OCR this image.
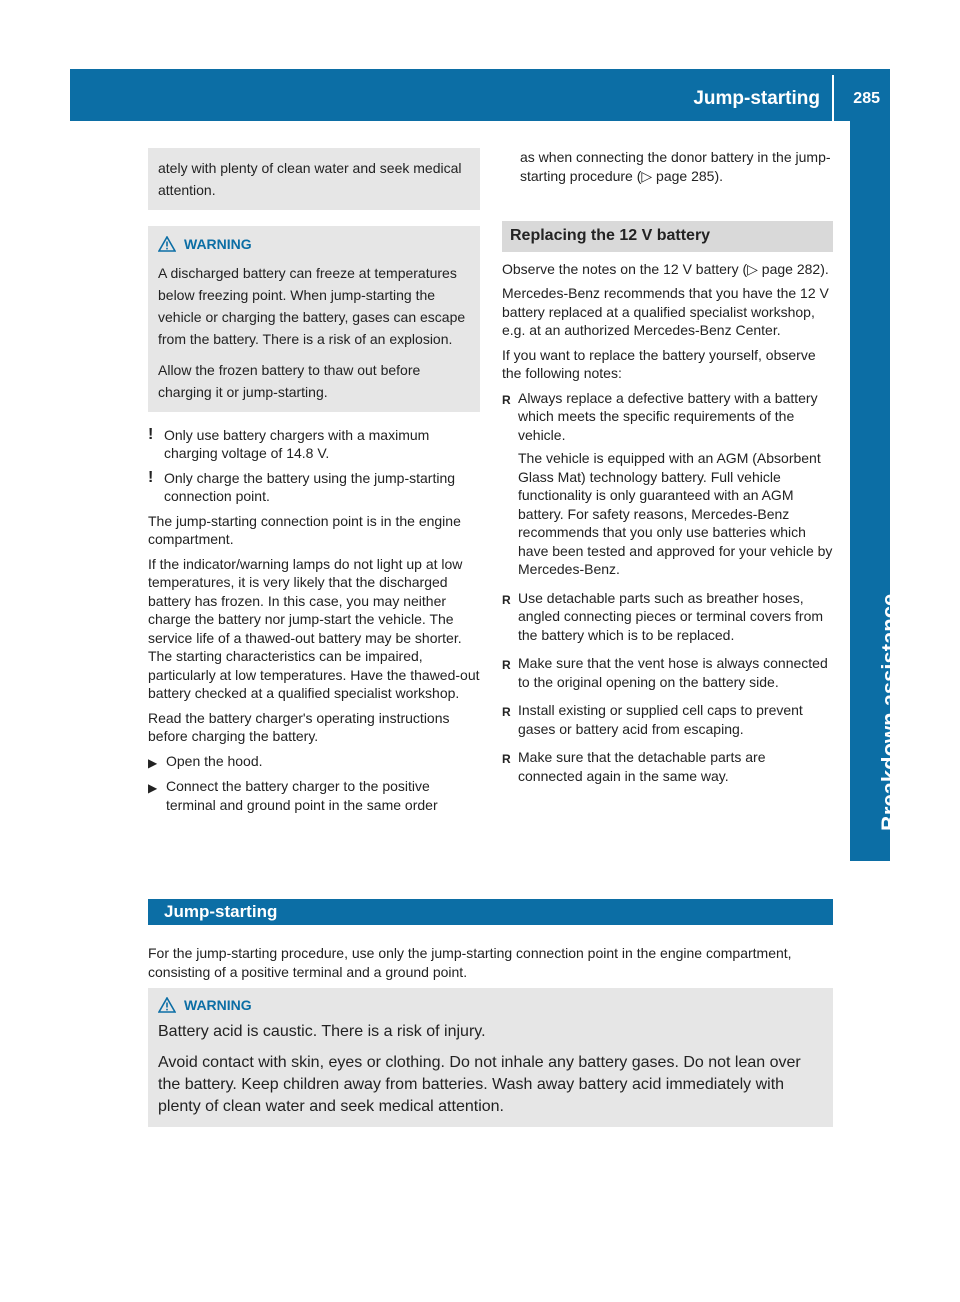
Jump-starting 285
Breakdown assistance

ately with plenty of clean water and seek medical attention.

WARNING

A discharged battery can freeze at temperatures below freezing point. When jump-starting the vehicle or charging the battery, gases can escape from the battery. There is a risk of an explosion.

Allow the frozen battery to thaw out before charging it or jump-starting.

! Only use battery chargers with a maximum charging voltage of 14.8 V.
! Only charge the battery using the jump-starting connection point.

The jump-starting connection point is in the engine compartment.

If the indicator/warning lamps do not light up at low temperatures, it is very likely that the discharged battery has frozen. In this case, you may neither charge the battery nor jump-start the vehicle. The service life of a thawed-out battery may be shorter. The starting characteristics can be impaired, particularly at low temperatures. Have the thawed-out battery checked at a qualified specialist workshop.

Read the battery charger's operating instructions before charging the battery.

▶ Open the hood.
▶ Connect the battery charger to the positive terminal and ground point in the same order

as when connecting the donor battery in the jump-starting procedure (▷ page 285).

Replacing the 12 V battery

Observe the notes on the 12 V battery (▷ page 282).

Mercedes-Benz recommends that you have the 12 V battery replaced at a qualified specialist workshop, e.g. at an authorized Mercedes-Benz Center.

If you want to replace the battery yourself, observe the following notes:

R Always replace a defective battery with a battery which meets the specific requirements of the vehicle.

The vehicle is equipped with an AGM (Absorbent Glass Mat) technology battery. Full vehicle functionality is only guaranteed with an AGM battery. For safety reasons, Mercedes-Benz recommends that you only use batteries which have been tested and approved for your vehicle by Mercedes-Benz.

R Use detachable parts such as breather hoses, angled connecting pieces or terminal covers from the battery which is to be replaced.

R Make sure that the vent hose is always connected to the original opening on the battery side.

R Install existing or supplied cell caps to prevent gases or battery acid from escaping.

R Make sure that the detachable parts are connected again in the same way.

Jump-starting
For the jump-starting procedure, use only the jump-starting connection point in the engine compartment, consisting of a positive terminal and a ground point.
WARNING

Battery acid is caustic. There is a risk of injury.

Avoid contact with skin, eyes or clothing. Do not inhale any battery gases. Do not lean over the battery. Keep children away from batteries. Wash away battery acid immediately with plenty of clean water and seek medical attention.
